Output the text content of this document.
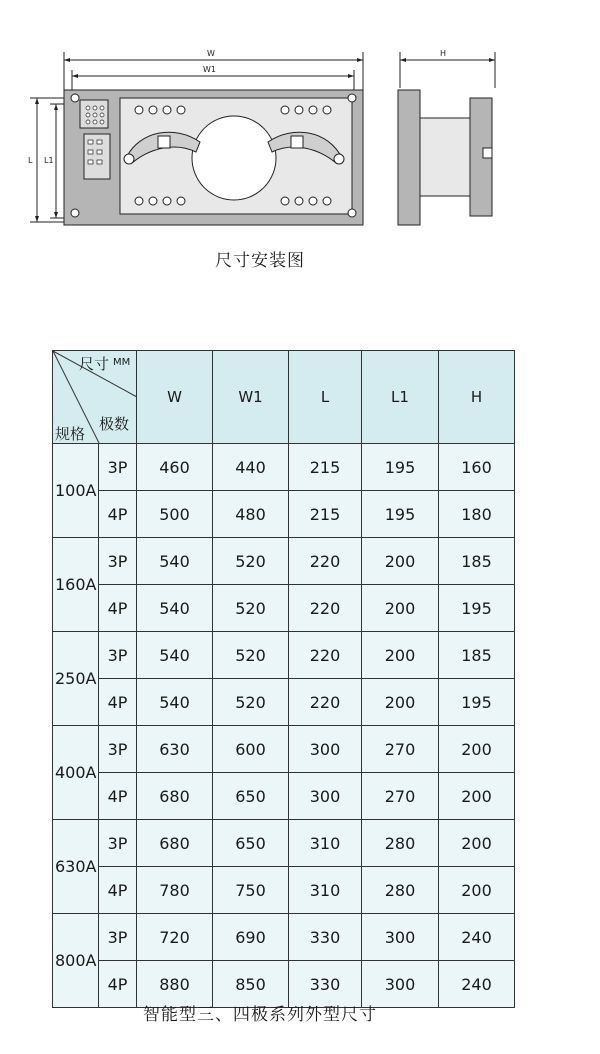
W
W1
L L1
H
尺寸安装图
尺寸 MM
极数
规格		W	W1	L	L1	H
100A	3P	460	440	215	195	160
	4P	500	480	215	195	180
160A	3P	540	520	220	200	185
	4P	540	520	220	200	195
250A	3P	540	520	220	200	185
	4P	540	520	220	200	195
400A	3P	630	600	300	270	200
	4P	680	650	300	270	200
630A	3P	680	650	310	280	200
	4P	780	750	310	280	200
800A	3P	720	690	330	300	240
	4P	880	850	330	300	240
智能型三、四极系列外型尺寸
